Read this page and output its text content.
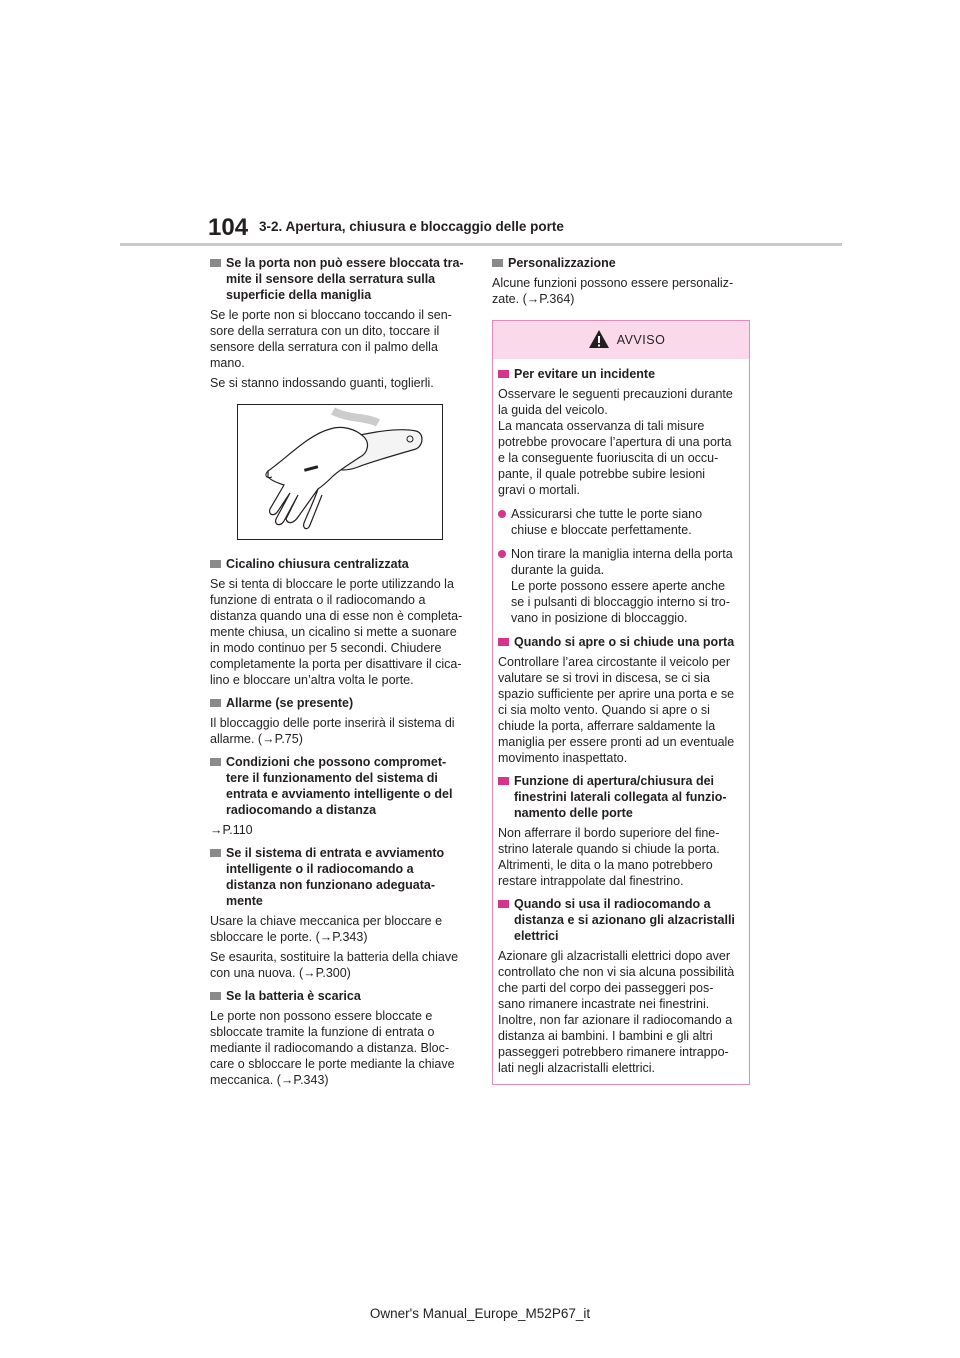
104 3-2. Apertura, chiusura e bloccaggio delle porte
Se la porta non può essere bloccata tra-
mite il sensore della serratura sulla
superficie della maniglia

Se le porte non si bloccano toccando il sen-
sore della serratura con un dito, toccare il
sensore della serratura con il palmo della
mano.

Se si stanno indossando guanti, toglierli.

Cicalino chiusura centralizzata

Se si tenta di bloccare le porte utilizzando la
funzione di entrata o il radiocomando a
distanza quando una di esse non è completa-
mente chiusa, un cicalino si mette a suonare
in modo continuo per 5 secondi. Chiudere
completamente la porta per disattivare il cica-
lino e bloccare un’altra volta le porte.

Allarme (se presente)

Il bloccaggio delle porte inserirà il sistema di
allarme. (→P.75)

Condizioni che possono compromet-
tere il funzionamento del sistema di
entrata e avviamento intelligente o del
radiocomando a distanza

→P.110

Se il sistema di entrata e avviamento
intelligente o il radiocomando a
distanza non funzionano adeguata-
mente

Usare la chiave meccanica per bloccare e
sbloccare le porte. (→P.343)

Se esaurita, sostituire la batteria della chiave
con una nuova. (→P.300)

Se la batteria è scarica

Le porte non possono essere bloccate e
sbloccate tramite la funzione di entrata o
mediante il radiocomando a distanza. Bloc-
care o sbloccare le porte mediante la chiave
meccanica. (→P.343)

Personalizzazione

Alcune funzioni possono essere personaliz-
zate. (→P.364)

AVVISO
Per evitare un incidente

Osservare le seguenti precauzioni durante
la guida del veicolo.
La mancata osservanza di tali misure
potrebbe provocare l’apertura di una porta
e la conseguente fuoriuscita di un occu-
pante, il quale potrebbe subire lesioni
gravi o mortali.

Assicurarsi che tutte le porte siano
chiuse e bloccate perfettamente.
Non tirare la maniglia interna della porta
durante la guida.
Le porte possono essere aperte anche
se i pulsanti di bloccaggio interno si tro-
vano in posizione di bloccaggio.
Quando si apre o si chiude una porta

Controllare l’area circostante il veicolo per
valutare se si trovi in discesa, se ci sia
spazio sufficiente per aprire una porta e se
ci sia molto vento. Quando si apre o si
chiude la porta, afferrare saldamente la
maniglia per essere pronti ad un eventuale
movimento inaspettato.

Funzione di apertura/chiusura dei
finestrini laterali collegata al funzio-
namento delle porte

Non afferrare il bordo superiore del fine-
strino laterale quando si chiude la porta.
Altrimenti, le dita o la mano potrebbero
restare intrappolate dal finestrino.

Quando si usa il radiocomando a
distanza e si azionano gli alzacristalli
elettrici

Azionare gli alzacristalli elettrici dopo aver
controllato che non vi sia alcuna possibilità
che parti del corpo dei passeggeri pos-
sano rimanere incastrate nei finestrini.
Inoltre, non far azionare il radiocomando a
distanza ai bambini. I bambini e gli altri
passeggeri potrebbero rimanere intrappo-
lati negli alzacristalli elettrici.

Owner's Manual_Europe_M52P67_it
